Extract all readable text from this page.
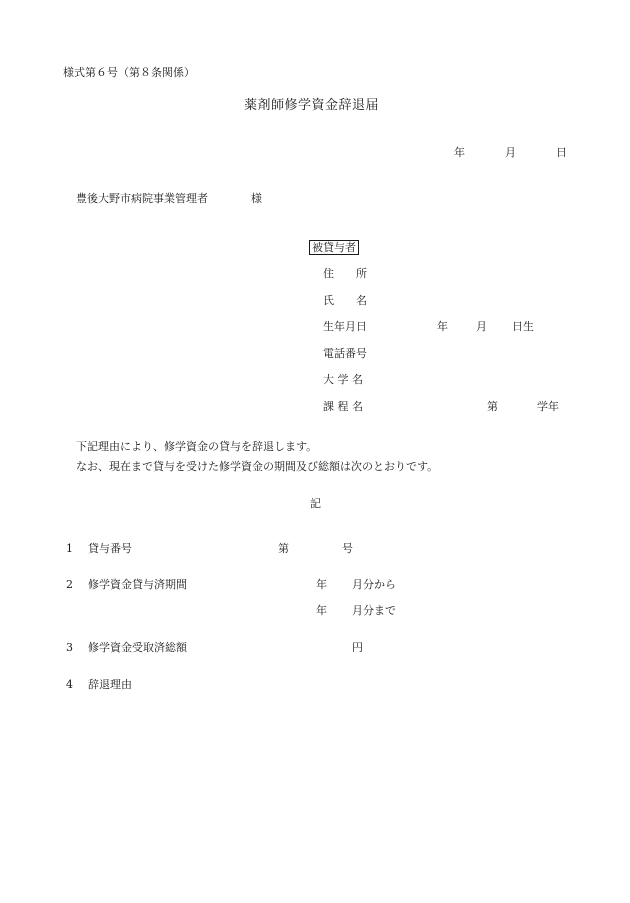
様式第６号（第８条関係）
薬剤師修学資金辞退届
年	月	日
豊後大野市病院事業管理者	様
被貸与者
住　　所
氏　　名
生年月日	年	月 日生
電話番号
大 学 名
課 程 名	第	学年
下記理由により、修学資金の貸与を辞退します。
なお、現在まで貸与を受けた修学資金の期間及び総額は次のとおりです。
記
1 貸与番号	第	号
2 修学資金貸与済期間	年 月分から
年 月分まで
3 修学資金受取済総額	円
4 辞退理由
